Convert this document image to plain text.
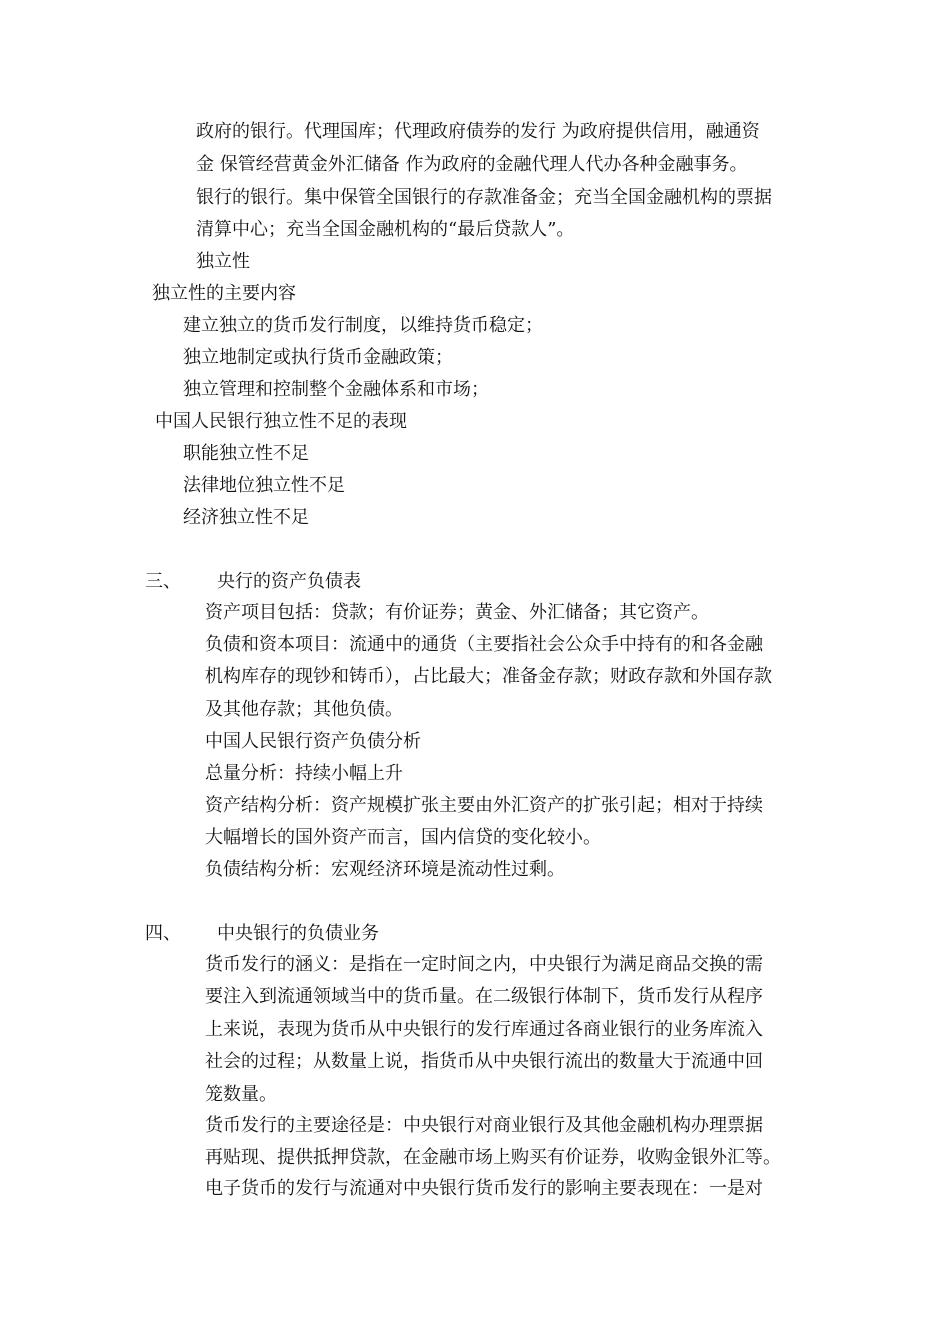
政府的银行。代理国库；代理政府债券的发行 为政府提供信用，融通资
金 保管经营黄金外汇储备 作为政府的金融代理人代办各种金融事务。
银行的银行。集中保管全国银行的存款准备金；充当全国金融机构的票据
清算中心；充当全国金融机构的“最后贷款人”。
独立性
独立性的主要内容
建立独立的货币发行制度，以维持货币稳定；
独立地制定或执行货币金融政策；
独立管理和控制整个金融体系和市场；
中国人民银行独立性不足的表现
职能独立性不足
法律地位独立性不足
经济独立性不足
三、 央行的资产负债表
资产项目包括：贷款；有价证券；黄金、外汇储备；其它资产。

负债和资本项目：流通中的通货（主要指社会公众手中持有的和各金融

机构库存的现钞和铸币），占比最大；准备金存款；财政存款和外国存款

及其他存款；其他负债。

中国人民银行资产负债分析
总量分析：持续小幅上升

资产结构分析：资产规模扩张主要由外汇资产的扩张引起；相对于持续

大幅增长的国外资产而言，国内信贷的变化较小。

负债结构分析：宏观经济环境是流动性过剩。
四、 中央银行的负债业务

货币发行的涵义：是指在一定时间之内，中央银行为满足商品交换的需

要注入到流通领域当中的货币量。在二级银行体制下，货币发行从程序

上来说，表现为货币从中央银行的发行库通过各商业银行的业务库流入

社会的过程；从数量上说，指货币从中央银行流出的数量大于流通中回

笼数量。

货币发行的主要途径是：中央银行对商业银行及其他金融机构办理票据

再贴现、提供抵押贷款，在金融市场上购买有价证券，收购金银外汇等。

电子货币的发行与流通对中央银行货币发行的影响主要表现在：一是对
